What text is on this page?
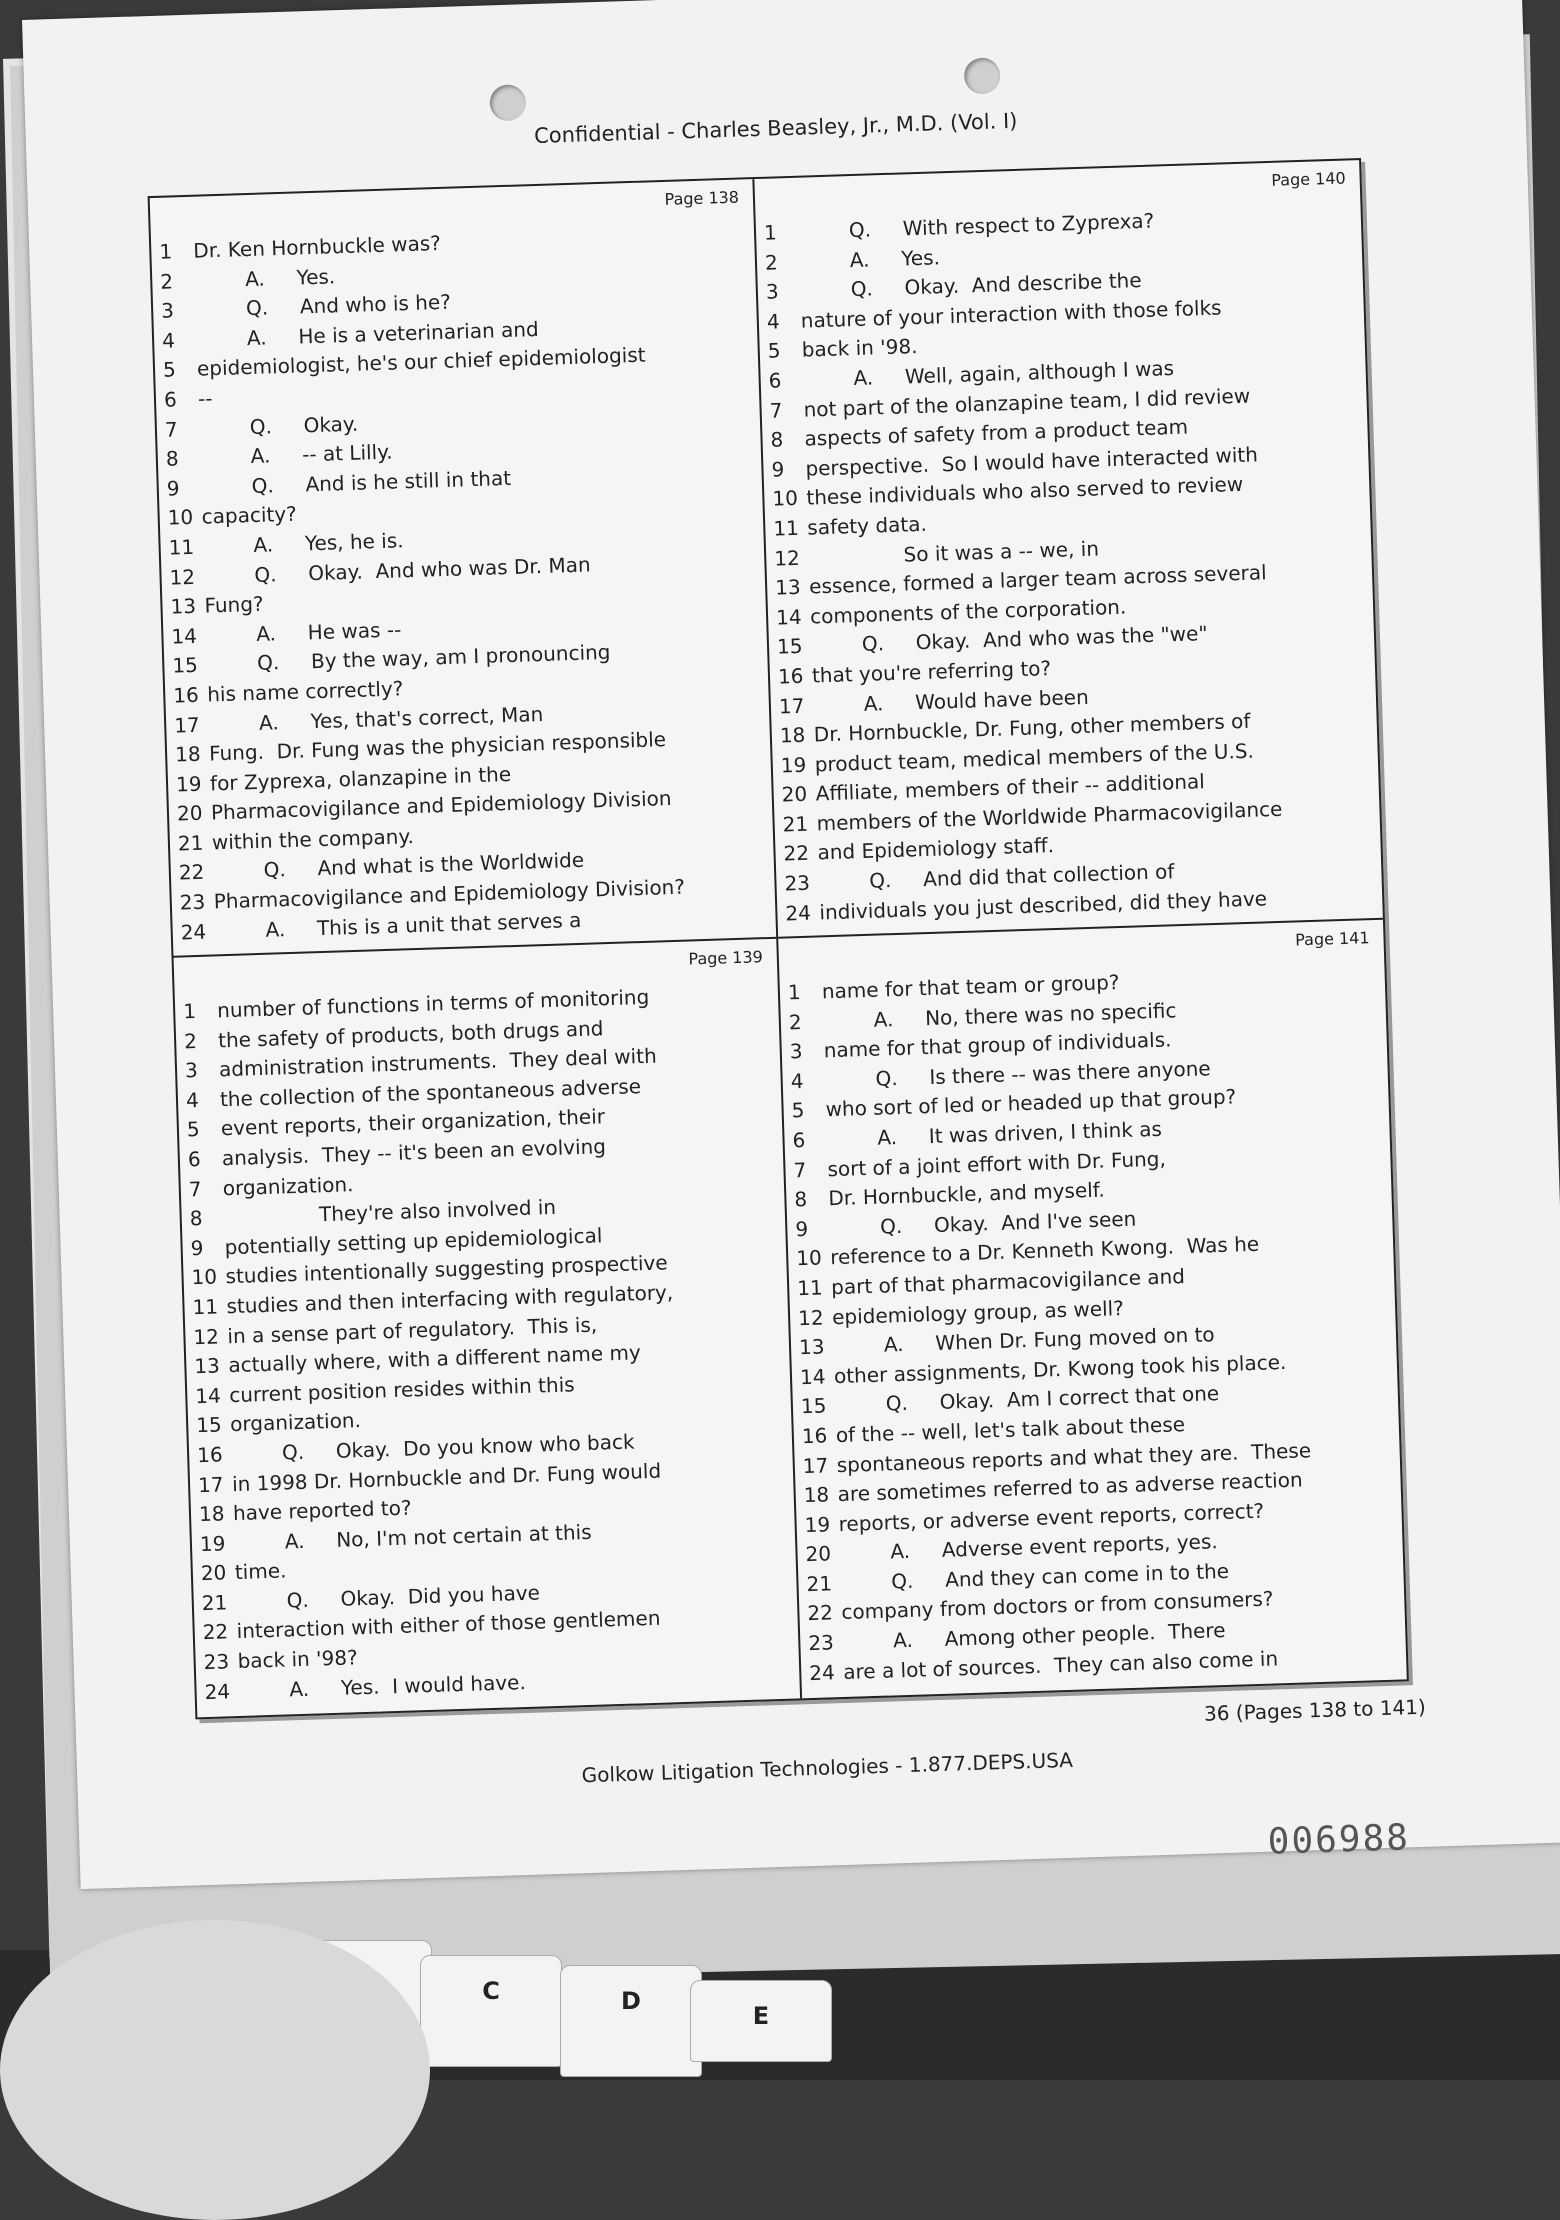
C	D
E
Confidential - Charles Beasley, Jr., M.D. (Vol. I)
Page 138
1	Dr. Ken Hornbuckle was?
2	A.     Yes.
3	Q.     And who is he?
4	A.     He is a veterinarian and
5	epidemiologist, he's our chief epidemiologist
6	--
7	Q.     Okay.
8	A.     -- at Lilly.
9	Q.     And is he still in that
10 capacity?
11 A.     Yes, he is.
12 Q.     Okay.  And who was Dr. Man
13 Fung?
14 A.     He was --
15 Q.     By the way, am I pronouncing
16 his name correctly?
17 A.     Yes, that's correct, Man
18 Fung.  Dr. Fung was the physician responsible
19 for Zyprexa, olanzapine in the
20 Pharmacovigilance and Epidemiology Division
21 within the company.
22 Q.     And what is the Worldwide
23 Pharmacovigilance and Epidemiology Division?
24 A.     This is a unit that serves a
Page 140
1	Q.     With respect to Zyprexa?
2	A.     Yes.
3	Q.     Okay.  And describe the
4	nature of your interaction with those folks
5	back in '98.
6	A.     Well, again, although I was
7	not part of the olanzapine team, I did review
8	aspects of safety from a product team
9	perspective.  So I would have interacted with
10 these individuals who also served to review
11 safety data.
12 So it was a -- we, in
13 essence, formed a larger team across several
14 components of the corporation.
15 Q.     Okay.  And who was the "we"
16 that you're referring to?
17 A.     Would have been
18 Dr. Hornbuckle, Dr. Fung, other members of
19 product team, medical members of the U.S.
20 Affiliate, members of their -- additional
21 members of the Worldwide Pharmacovigilance
22 and Epidemiology staff.
23 Q.     And did that collection of
24 individuals you just described, did they have
Page 139
1	number of functions in terms of monitoring
2	the safety of products, both drugs and
3	administration instruments.  They deal with
4	the collection of the spontaneous adverse
5	event reports, their organization, their
6	analysis.  They -- it's been an evolving
7	organization.
8	They're also involved in
9	potentially setting up epidemiological
10 studies intentionally suggesting prospective
11 studies and then interfacing with regulatory,
12 in a sense part of regulatory.  This is,
13 actually where, with a different name my
14 current position resides within this
15 organization.
16 Q.     Okay.  Do you know who back
17 in 1998 Dr. Hornbuckle and Dr. Fung would
18 have reported to?
19 A.     No, I'm not certain at this
20 time.
21 Q.     Okay.  Did you have
22 interaction with either of those gentlemen
23 back in '98?
24 A.     Yes.  I would have.
Page 141
1	name for that team or group?
2	A.     No, there was no specific
3	name for that group of individuals.
4	Q.     Is there -- was there anyone
5	who sort of led or headed up that group?
6	A.     It was driven, I think as
7	sort of a joint effort with Dr. Fung,
8	Dr. Hornbuckle, and myself.
9	Q.     Okay.  And I've seen
10 reference to a Dr. Kenneth Kwong.  Was he
11 part of that pharmacovigilance and
12 epidemiology group, as well?
13 A.     When Dr. Fung moved on to
14 other assignments, Dr. Kwong took his place.
15 Q.     Okay.  Am I correct that one
16 of the -- well, let's talk about these
17 spontaneous reports and what they are.  These
18 are sometimes referred to as adverse reaction
19 reports, or adverse event reports, correct?
20 A.     Adverse event reports, yes.
21 Q.     And they can come in to the
22 company from doctors or from consumers?
23 A.     Among other people.  There
24 are a lot of sources.  They can also come in
36 (Pages 138 to 141)
Golkow Litigation Technologies - 1.877.DEPS.USA
006988
